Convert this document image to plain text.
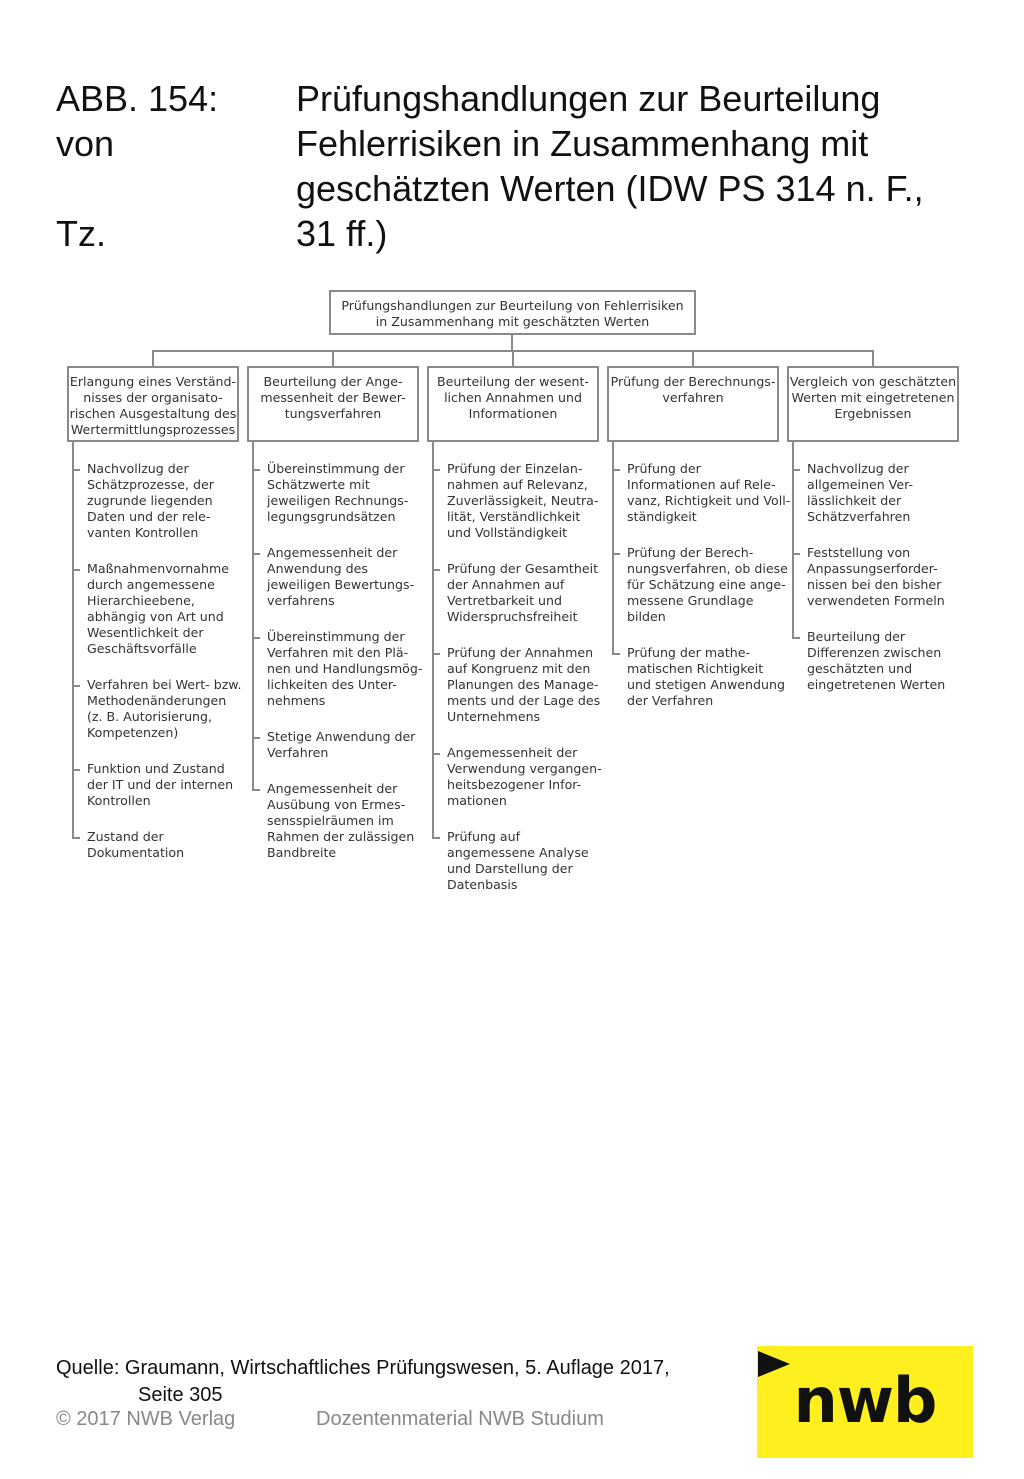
ABB. 154:
von
Tz.
Prüfungshandlungen zur Beurteilung
Fehlerrisiken in Zusammenhang mit
geschätzten Werten (IDW PS 314 n. F.,
31 ff.)
Prüfungshandlungen zur Beurteilung von Fehlerrisiken
in Zusammenhang mit geschätzten Werten
Erlangung eines Verständ-
nisses der organisato-
rischen Ausgestaltung des
Wertermittlungsprozesses
Nachvollzug der
Schätzprozesse, der
zugrunde liegenden
Daten und der rele-
vanten Kontrollen
Maßnahmenvornahme
durch angemessene
Hierarchieebene,
abhängig von Art und
Wesentlichkeit der
Geschäftsvorfälle
Verfahren bei Wert- bzw.
Methodenänderungen
(z. B. Autorisierung,
Kompetenzen)
Funktion und Zustand
der IT und der internen
Kontrollen
Zustand der
Dokumentation
Beurteilung der Ange-
messenheit der Bewer-
tungsverfahren
Übereinstimmung der
Schätzwerte mit
jeweiligen Rechnungs-
legungsgrundsätzen
Angemessenheit der
Anwendung des
jeweiligen Bewertungs-
verfahrens
Übereinstimmung der
Verfahren mit den Plä-
nen und Handlungsmög-
lichkeiten des Unter-
nehmens
Stetige Anwendung der
Verfahren
Angemessenheit der
Ausübung von Ermes-
sensspielräumen im
Rahmen der zulässigen
Bandbreite
Beurteilung der wesent-
lichen Annahmen und
Informationen
Prüfung der Einzelan-
nahmen auf Relevanz,
Zuverlässigkeit, Neutra-
lität, Verständlichkeit
und Vollständigkeit
Prüfung der Gesamtheit
der Annahmen auf
Vertretbarkeit und
Widerspruchsfreiheit
Prüfung der Annahmen
auf Kongruenz mit den
Planungen des Manage-
ments und der Lage des
Unternehmens
Angemessenheit der
Verwendung vergangen-
heitsbezogener Infor-
mationen
Prüfung auf
angemessene Analyse
und Darstellung der
Datenbasis
Prüfung der Berechnungs-
verfahren
Prüfung der
Informationen auf Rele-
vanz, Richtigkeit und Voll-
ständigkeit
Prüfung der Berech-
nungsverfahren, ob diese
für Schätzung eine ange-
messene Grundlage
bilden
Prüfung der mathe-
matischen Richtigkeit
und stetigen Anwendung
der Verfahren
Vergleich von geschätzten
Werten mit eingetretenen
Ergebnissen
Nachvollzug der
allgemeinen Ver-
lässlichkeit der
Schätzverfahren
Feststellung von
Anpassungserforder-
nissen bei den bisher
verwendeten Formeln
Beurteilung der
Differenzen zwischen
geschätzten und
eingetretenen Werten
Quelle: Graumann, Wirtschaftliches Prüfungswesen, 5. Auflage 2017,
Seite 305
© 2017 NWB Verlag	Dozentenmaterial NWB Studium	nwb
